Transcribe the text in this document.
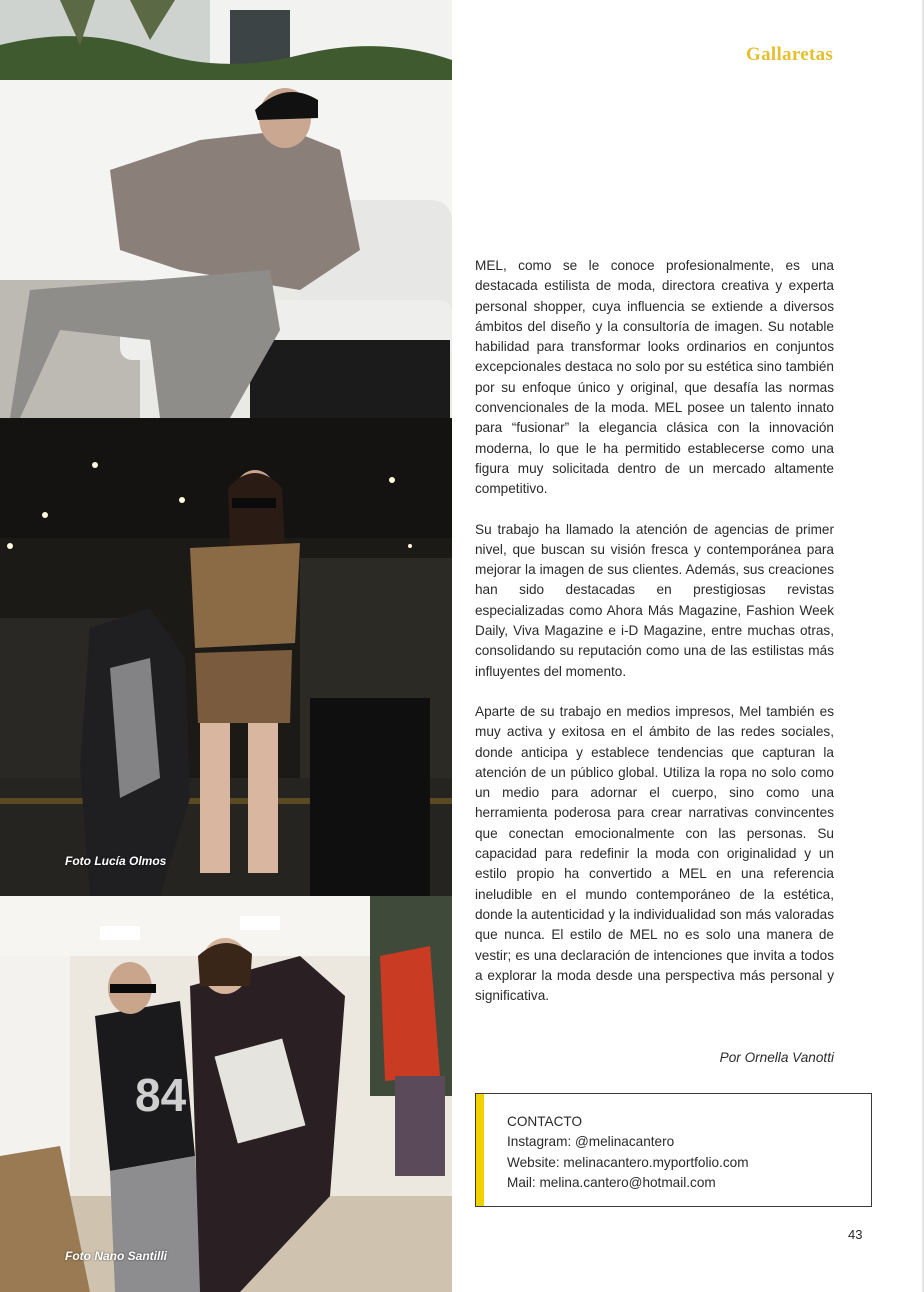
84
Foto Lucía Olmos
Foto Nano Santilli
Gallaretas

MEL, como se le conoce profesionalmente, es una destacada estilista de moda, directora creativa y experta personal shopper, cuya influencia se extiende a diversos ámbitos del diseño y la consultoría de imagen. Su notable habilidad para transformar looks ordinarios en conjuntos excepcionales destaca no solo por su estética sino también por su enfoque único y original, que desafía las normas convencionales de la moda. MEL posee un talento innato para “fusionar” la elegancia clásica con la innovación moderna, lo que le ha permitido establecerse como una figura muy solicitada dentro de un mercado altamente competitivo.

Su trabajo ha llamado la atención de agencias de primer nivel, que buscan su visión fresca y contemporánea para mejorar la imagen de sus clientes. Además, sus creaciones han sido destacadas en prestigiosas revistas especializadas como Ahora Más Magazine, Fashion Week Daily, Viva Magazine e i-D Magazine, entre muchas otras, consolidando su reputación como una de las estilistas más influyentes del momento.

Aparte de su trabajo en medios impresos, Mel también es muy activa y exitosa en el ámbito de las redes sociales, donde anticipa y establece tendencias que capturan la atención de un público global. Utiliza la ropa no solo como un medio para adornar el cuerpo, sino como una herramienta poderosa para crear narrativas convincentes que conectan emocionalmente con las personas. Su capacidad para redefinir la moda con originalidad y un estilo propio ha convertido a MEL en una referencia ineludible en el mundo contemporáneo de la estética, donde la autenticidad y la individualidad son más valoradas que nunca. El estilo de MEL no es solo una manera de vestir; es una declaración de intenciones que invita a todos a explorar la moda desde una perspectiva más personal y significativa.

Por Ornella Vanotti
CONTACTO
Instagram: @melinacantero
Website: melinacantero.myportfolio.com
Mail: melina.cantero@hotmail.com
43
